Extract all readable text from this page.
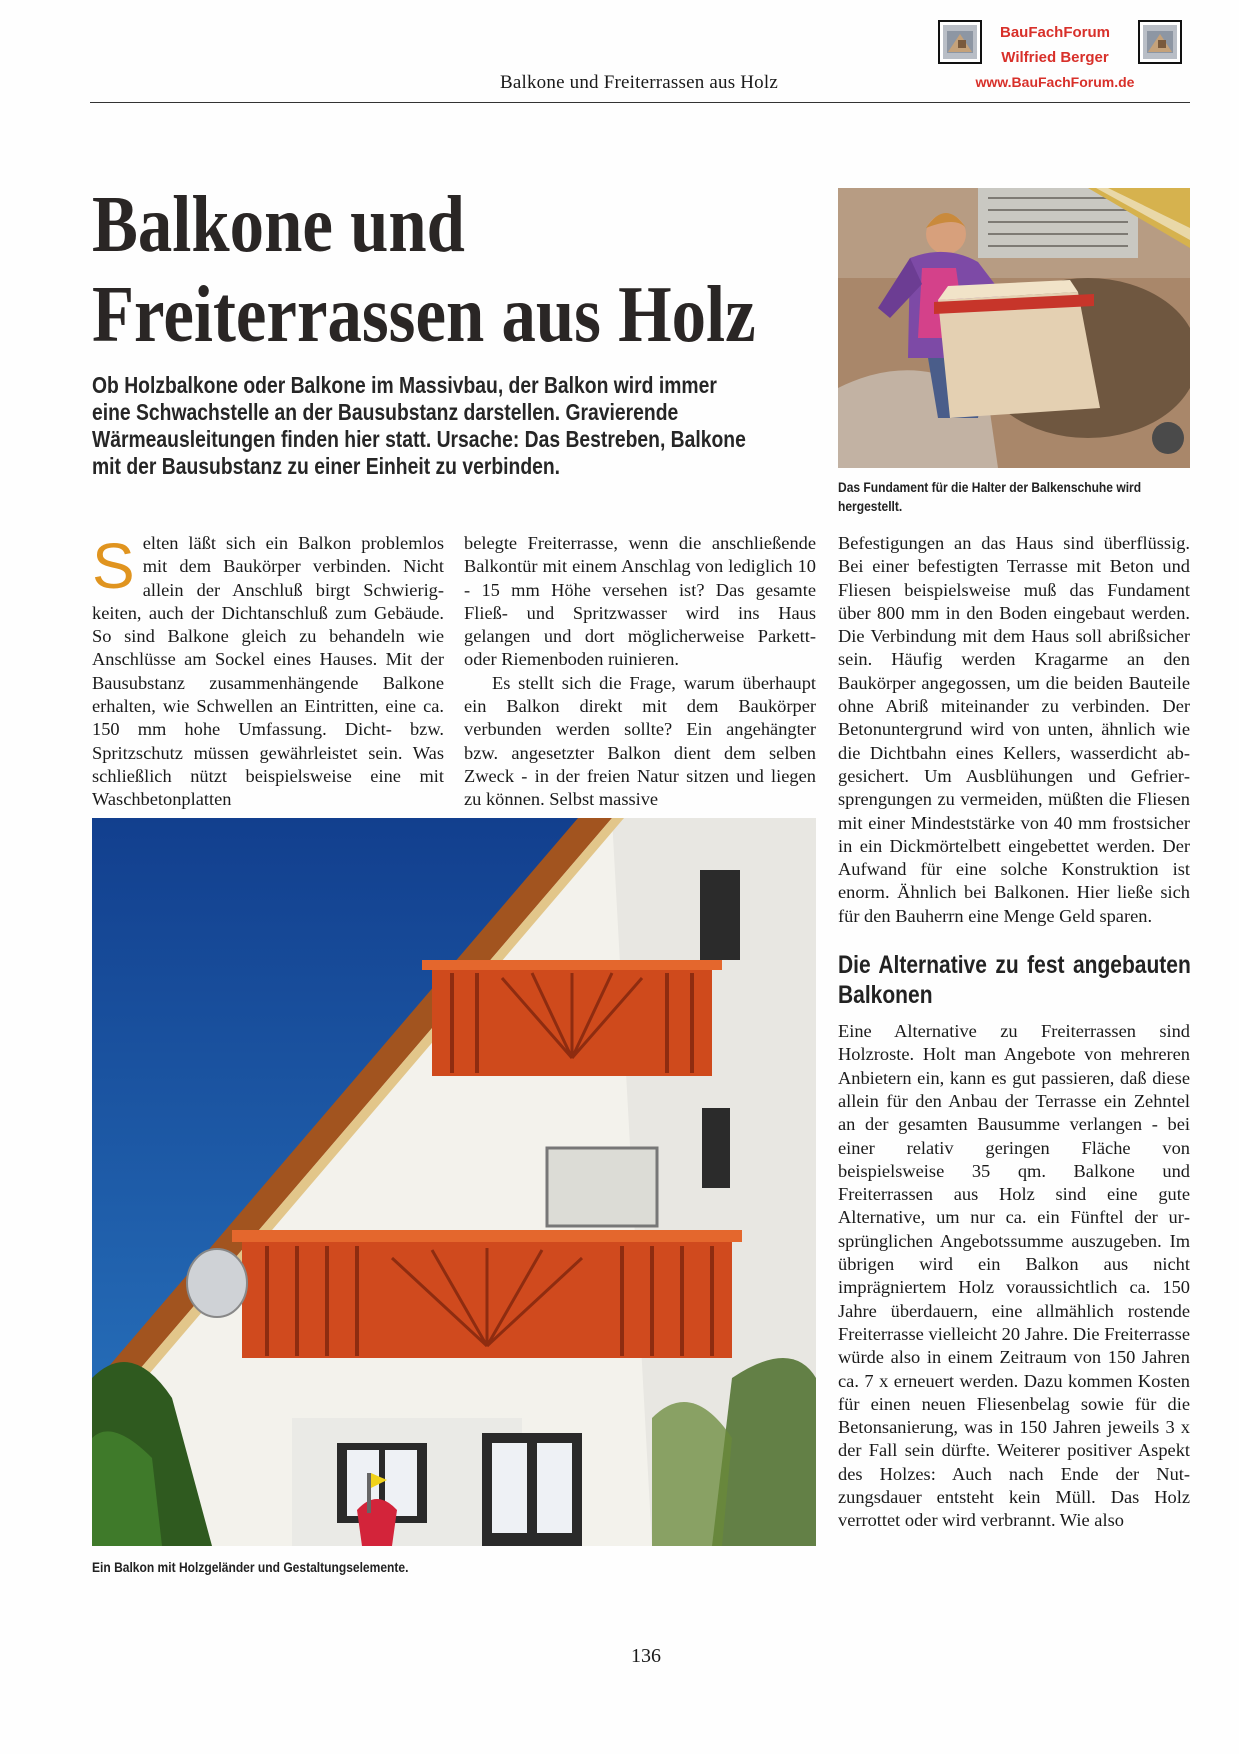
Balkone und Freiterrassen aus Holz
BauFachForum
Wilfried Berger
www.BauFachForum.de
Balkone und
Freiterrassen aus Holz

Ob Holzbalkone oder Balkone im Massivbau, der Balkon wird immer eine Schwachstelle an der Bausubstanz darstellen. Gravierende Wärmeausleitungen finden hier statt. Ursache: Das Bestreben, Balkone mit der Bausubstanz zu einer Einheit zu verbinden.

Das Fundament für die Halter der Balkenschuhe wird hergestellt.

Selten läßt sich ein Balkon problemlos mit dem Baukörper verbinden. Nicht allein der Anschluß birgt Schwierigkeiten, auch der Dichtanschluß zum Gebäude. So sind Balkone gleich zu behandeln wie Anschlüsse am Sockel eines Hauses. Mit der Bausubstanz zusammenhängende Balkone erhalten, wie Schwellen an Eintritten, eine ca. 150 mm hohe Umfassung. Dicht- bzw. Spritzschutz müssen gewährleistet sein. Was schließlich nützt beispielsweise eine mit Waschbetonplatten

belegte Freiterrasse, wenn die anschließende Balkontür mit einem Anschlag von lediglich 10 - 15 mm Höhe versehen ist? Das gesamte Fließ- und Spritzwasser wird ins Haus gelangen und dort möglicherweise Parkett- oder Riemenboden ruinieren.

Es stellt sich die Frage, warum überhaupt ein Balkon direkt mit dem Baukörper verbunden werden sollte? Ein angehängter bzw. angesetzter Balkon dient dem selben Zweck - in der freien Natur sitzen und liegen zu können. Selbst massive

Befestigungen an das Haus sind überflüssig. Bei einer befestigten Terrasse mit Beton und Fliesen beispielsweise muß das Fundament über 800 mm in den Boden eingebaut werden. Die Verbindung mit dem Haus soll abrißsicher sein. Häufig werden Kragarme an den Baukörper angegossen, um die beiden Bauteile ohne Abriß miteinander zu verbinden. Der Betonuntergrund wird von unten, ähnlich wie die Dichtbahn eines Kellers, wasserdicht abgesichert. Um Ausblühungen und Gefriersprengungen zu vermeiden, müßten die Fliesen mit einer Mindeststärke von 40 mm frostsicher in ein Dickmörtelbett eingebettet werden. Der Aufwand für eine solche Konstruktion ist enorm. Ähnlich bei Balkonen. Hier ließe sich für den Bauherrn eine Menge Geld sparen.

Die Alternative zu fest angebauten Balkonen

Eine Alternative zu Freiterrassen sind Holzroste. Holt man Angebote von mehreren Anbietern ein, kann es gut passieren, daß diese allein für den Anbau der Terrasse ein Zehntel an der gesamten Bausumme verlangen - bei einer relativ geringen Fläche von beispielsweise 35 qm. Balkone und Freiterrassen aus Holz sind eine gute Alternative, um nur ca. ein Fünftel der ursprünglichen Angebotssumme auszugeben. Im übrigen wird ein Balkon aus nicht imprägniertem Holz voraussichtlich ca. 150 Jahre überdauern, eine allmählich rostende Freiterrasse vielleicht 20 Jahre. Die Freiterrasse würde also in einem Zeitraum von 150 Jahren ca. 7 x erneuert werden. Dazu kommen Kosten für einen neuen Fliesenbelag sowie für die Betonsanierung, was in 150 Jahren jeweils 3 x der Fall sein dürfte. Weiterer positiver Aspekt des Holzes: Auch nach Ende der Nutzungsdauer entsteht kein Müll. Das Holz verrottet oder wird verbrannt. Wie also

Ein Balkon mit Holzgeländer und Gestaltungselemente.
136
